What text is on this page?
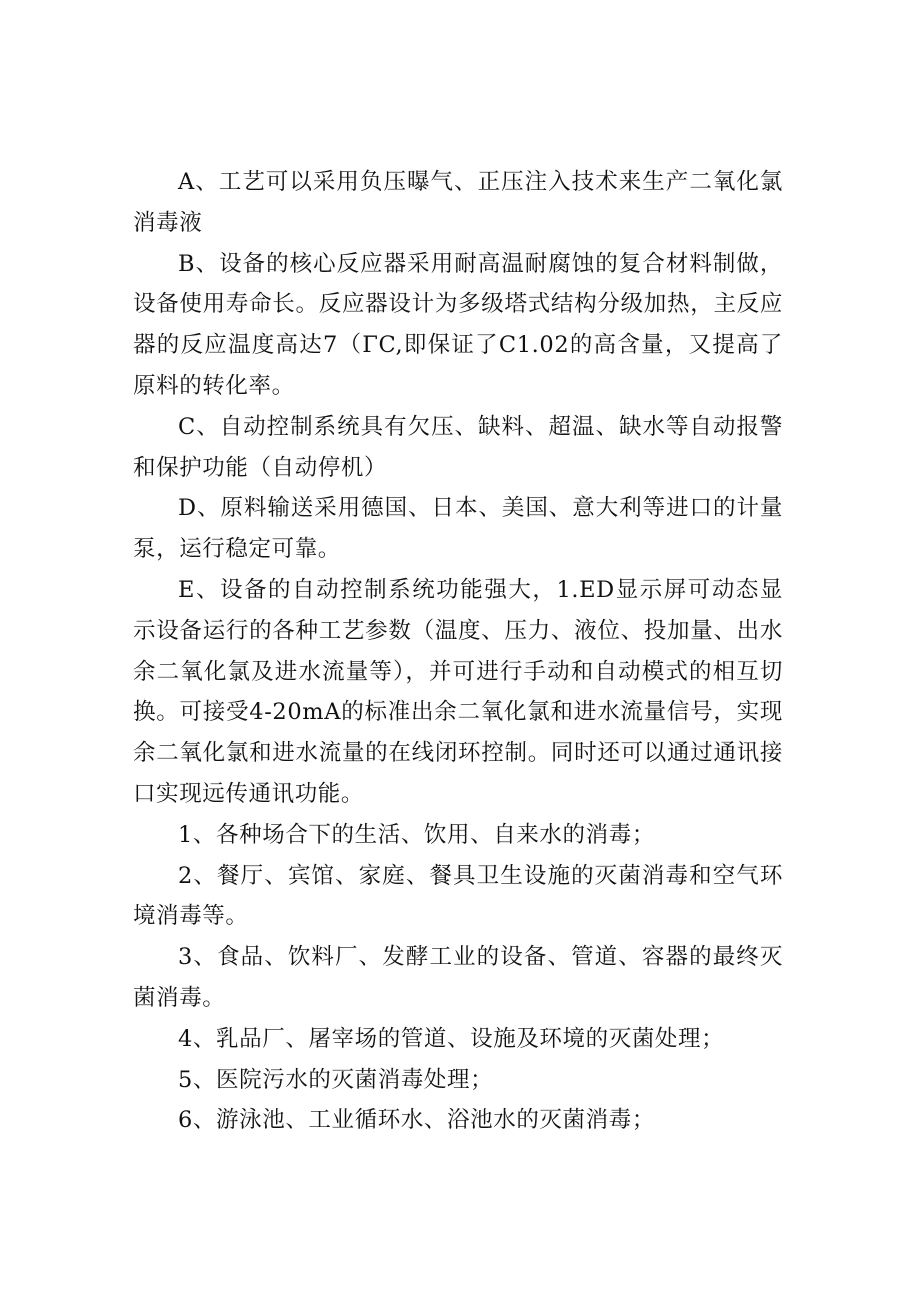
A、工艺可以采用负压曝气、正压注入技术来生产二氧化氯消毒液

B、设备的核心反应器采用耐高温耐腐蚀的复合材料制做，设备使用寿命长。反应器设计为多级塔式结构分级加热，主反应器的反应温度高达7（ΓC,即保证了C1.02的高含量，又提高了原料的转化率。

C、自动控制系统具有欠压、缺料、超温、缺水等自动报警和保护功能（自动停机）

D、原料输送采用德国、日本、美国、意大利等进口的计量泵，运行稳定可靠。

E、设备的自动控制系统功能强大，1.ED显示屏可动态显示设备运行的各种工艺参数（温度、压力、液位、投加量、出水余二氧化氯及进水流量等），并可进行手动和自动模式的相互切换。可接受4-20mA的标准出余二氧化氯和进水流量信号，实现余二氧化氯和进水流量的在线闭环控制。同时还可以通过通讯接口实现远传通讯功能。

1、各种场合下的生活、饮用、自来水的消毒；

2、餐厅、宾馆、家庭、餐具卫生设施的灭菌消毒和空气环境消毒等。

3、食品、饮料厂、发酵工业的设备、管道、容器的最终灭菌消毒。

4、乳品厂、屠宰场的管道、设施及环境的灭菌处理；

5、医院污水的灭菌消毒处理；

6、游泳池、工业循环水、浴池水的灭菌消毒；
